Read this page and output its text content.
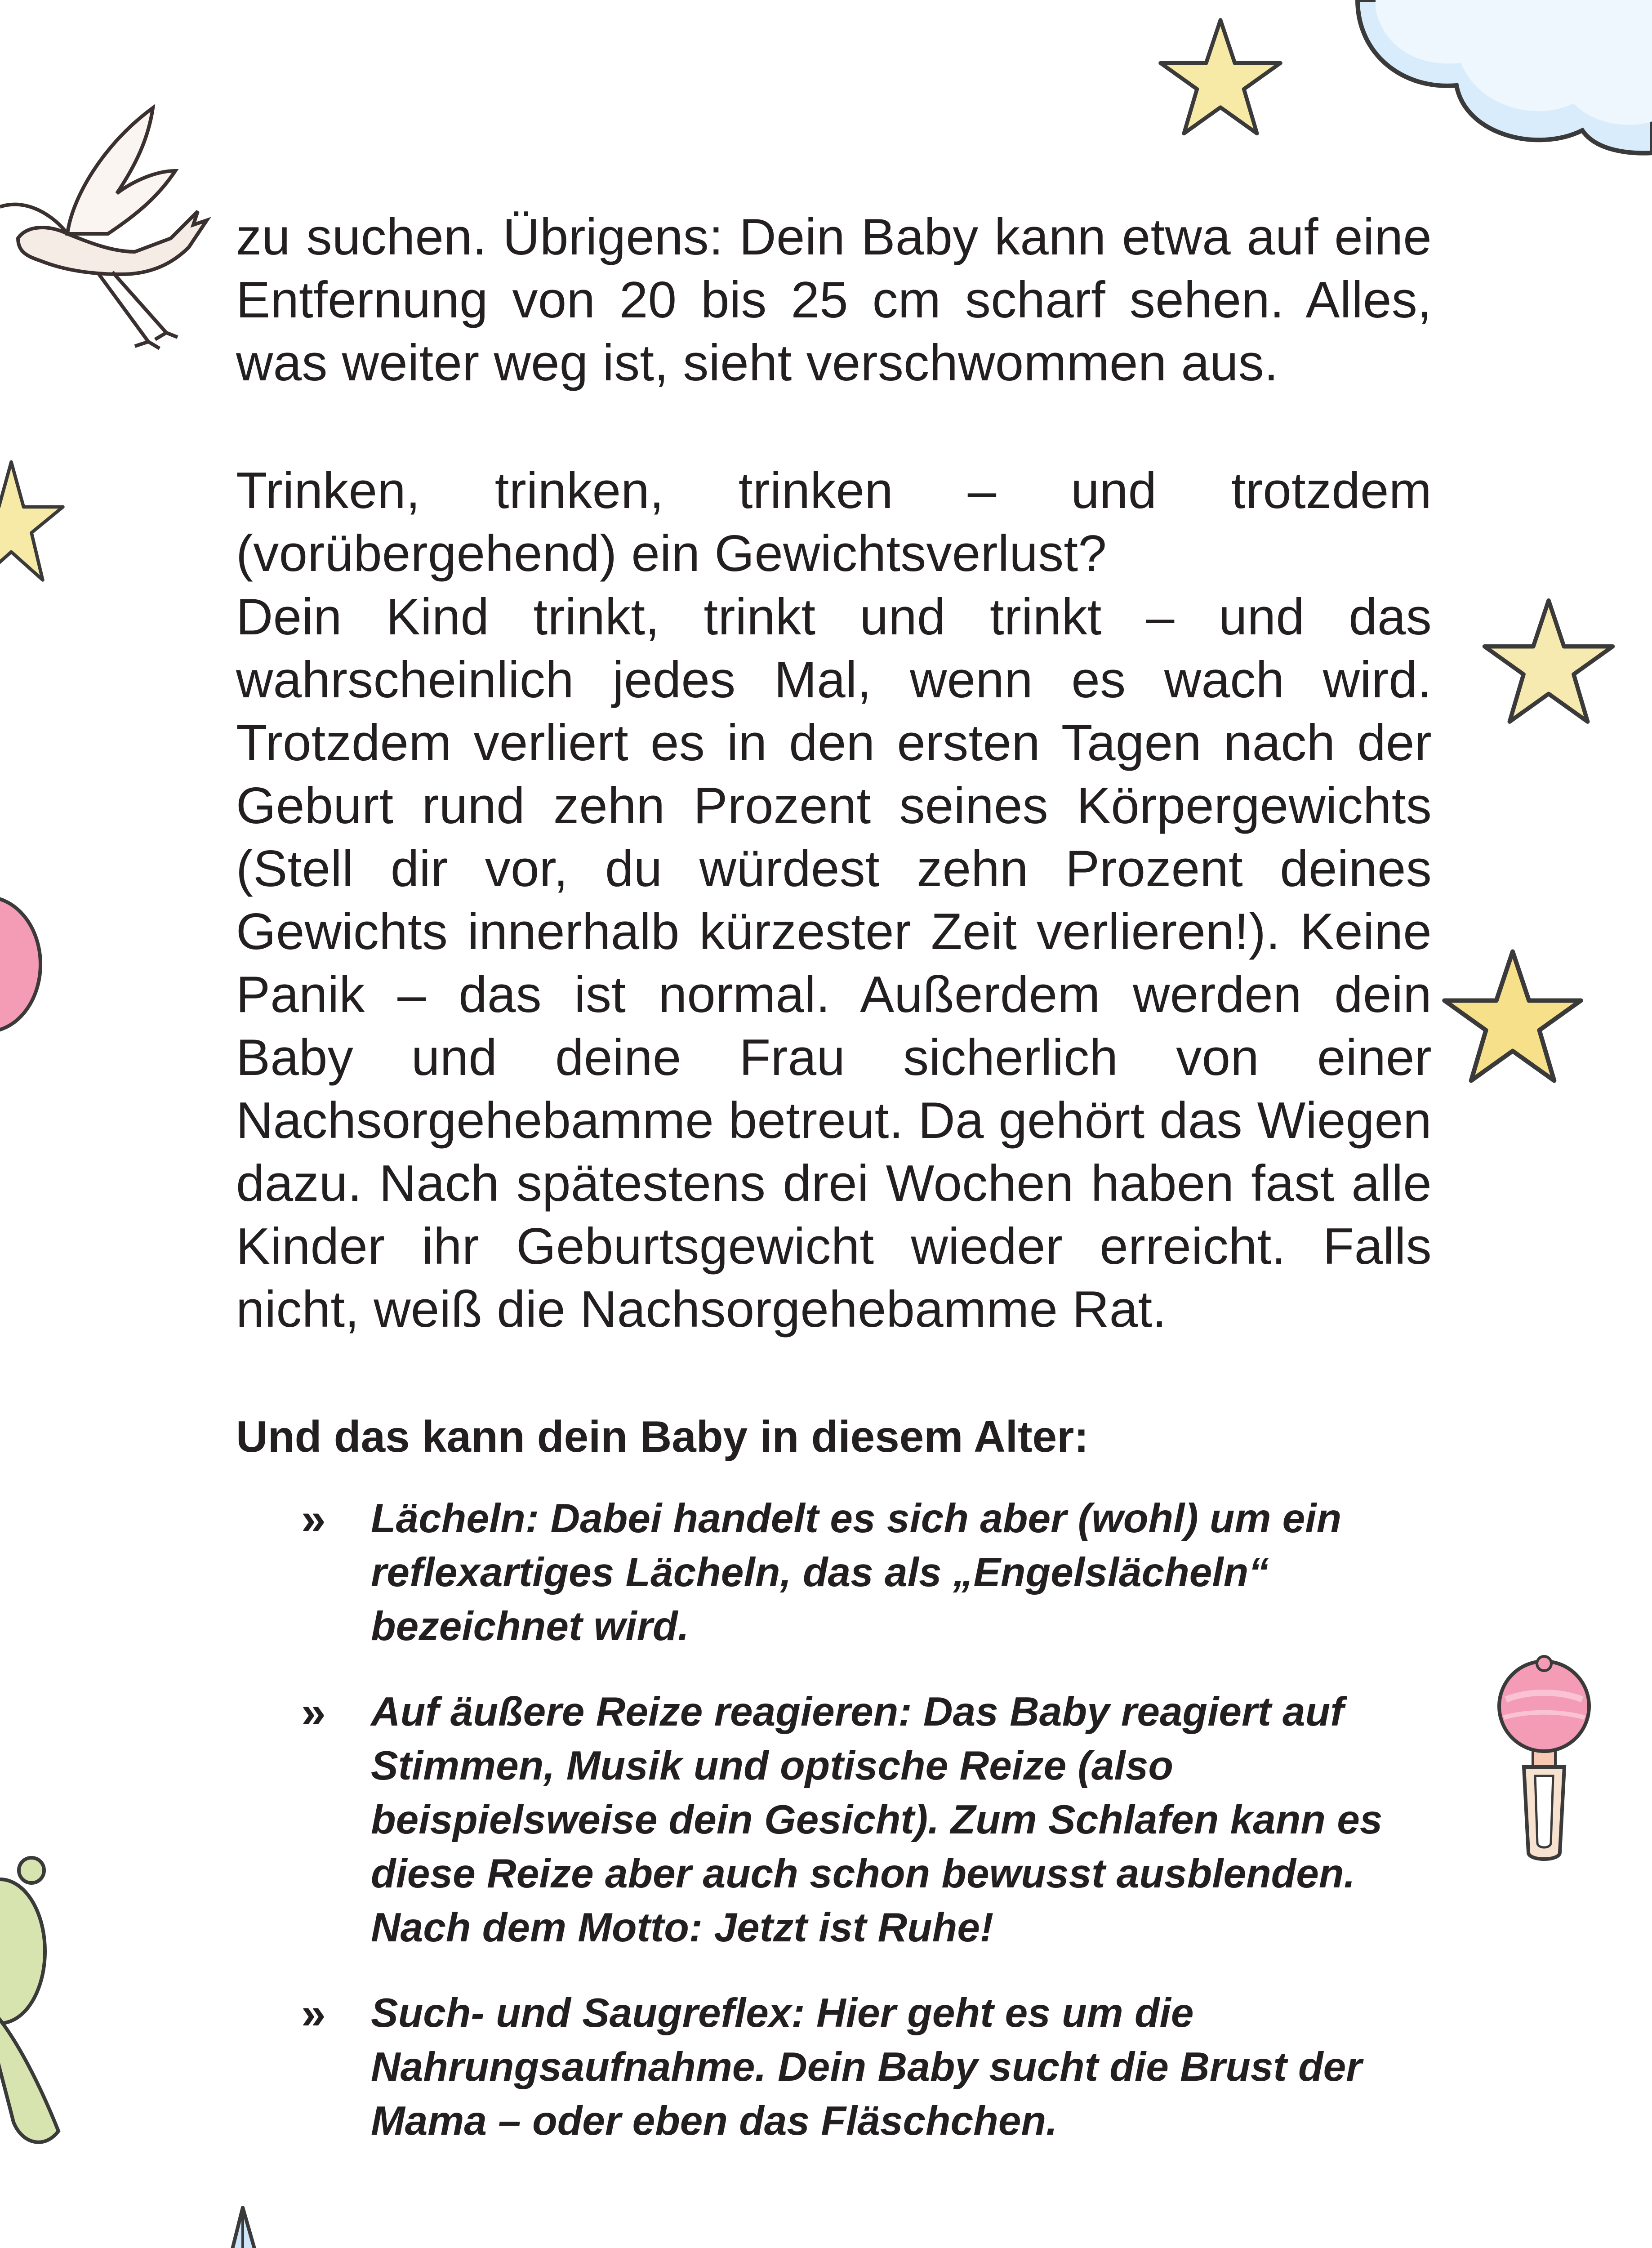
zu suchen. Übrigens: Dein Baby kann etwa auf eine Entfernung von 20 bis 25 cm scharf sehen. Alles, was weiter weg ist, sieht verschwommen aus.

Trinken, trinken, trinken – und trotzdem (vorübergehend) ein Gewichtsverlust?

Dein Kind trinkt, trinkt und trinkt – und das wahrscheinlich jedes Mal, wenn es wach wird. Trotzdem verliert es in den ersten Tagen nach der Geburt rund zehn Prozent seines Körpergewichts (Stell dir vor, du würdest zehn Prozent deines Gewichts innerhalb kürzester Zeit verlieren!). Keine Panik – das ist normal. Außerdem werden dein Baby und deine Frau sicherlich von einer Nachsorgehebamme betreut. Da gehört das Wiegen dazu. Nach spätestens drei Wochen haben fast alle Kinder ihr Geburtsgewicht wieder erreicht. Falls nicht, weiß die Nachsorgehebamme Rat.

Und das kann dein Baby in diesem Alter:

» Lächeln: Dabei handelt es sich aber (wohl) um ein reflexartiges Lächeln, das als „Engelslächeln“ bezeichnet wird.

» Auf äußere Reize reagieren: Das Baby reagiert auf Stimmen, Musik und optische Reize (also beispielsweise dein Gesicht). Zum Schlafen kann es diese Reize aber auch schon bewusst ausblenden. Nach dem Motto: Jetzt ist Ruhe!

» Such- und Saugreflex: Hier geht es um die Nahrungsaufnahme. Dein Baby sucht die Brust der Mama – oder eben das Fläschchen.
